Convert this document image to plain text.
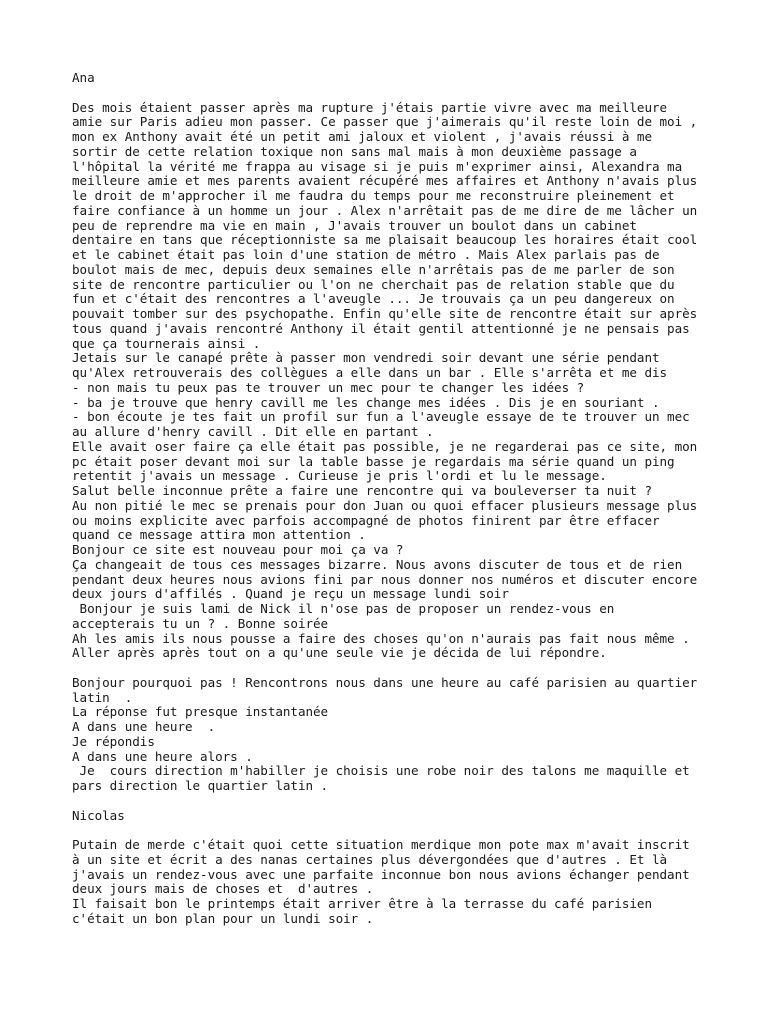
Ana
Des mois étaient passer après ma rupture j'étais partie vivre avec ma meilleure
amie sur Paris adieu mon passer. Ce passer que j'aimerais qu'il reste loin de moi ,
mon ex Anthony avait été un petit ami jaloux et violent , j'avais réussi à me
sortir de cette relation toxique non sans mal mais à mon deuxième passage a
l'hôpital la vérité me frappa au visage si je puis m'exprimer ainsi, Alexandra ma
meilleure amie et mes parents avaient récupéré mes affaires et Anthony n'avais plus
le droit de m'approcher il me faudra du temps pour me reconstruire pleinement et
faire confiance à un homme un jour . Alex n'arrêtait pas de me dire de me lâcher un
peu de reprendre ma vie en main , J'avais trouver un boulot dans un cabinet
dentaire en tans que réceptionniste sa me plaisait beaucoup les horaires était cool
et le cabinet était pas loin d'une station de métro . Mais Alex parlais pas de
boulot mais de mec, depuis deux semaines elle n'arrêtais pas de me parler de son
site de rencontre particulier ou l'on ne cherchait pas de relation stable que du
fun et c'était des rencontres a l'aveugle ... Je trouvais ça un peu dangereux on
pouvait tomber sur des psychopathe. Enfin qu'elle site de rencontre était sur après
tous quand j'avais rencontré Anthony il était gentil attentionné je ne pensais pas
que ça tournerais ainsi .
Jetais sur le canapé prête à passer mon vendredi soir devant une série pendant
qu'Alex retrouverais des collègues a elle dans un bar . Elle s'arrêta et me dis
- non mais tu peux pas te trouver un mec pour te changer les idées ?
- ba je trouve que henry cavill me les change mes idées . Dis je en souriant .
- bon écoute je tes fait un profil sur fun a l'aveugle essaye de te trouver un mec
au allure d'henry cavill . Dit elle en partant .
Elle avait oser faire ça elle était pas possible, je ne regarderai pas ce site, mon
pc était poser devant moi sur la table basse je regardais ma série quand un ping
retentit j'avais un message . Curieuse je pris l'ordi et lu le message.
Salut belle inconnue prête a faire une rencontre qui va bouleverser ta nuit ?
Au non pitié le mec se prenais pour don Juan ou quoi effacer plusieurs message plus
ou moins explicite avec parfois accompagné de photos finirent par être effacer
quand ce message attira mon attention .
Bonjour ce site est nouveau pour moi ça va ?
Ça changeait de tous ces messages bizarre. Nous avons discuter de tous et de rien
pendant deux heures nous avions fini par nous donner nos numéros et discuter encore
deux jours d'affilés . Quand je reçu un message lundi soir
Bonjour je suis lami de Nick il n'ose pas de proposer un rendez-vous en
accepterais tu un ? . Bonne soirée
Ah les amis ils nous pousse a faire des choses qu'on n'aurais pas fait nous même .
Aller après après tout on a qu'une seule vie je décida de lui répondre.
Bonjour pourquoi pas ! Rencontrons nous dans une heure au café parisien au quartier
latin  .
La réponse fut presque instantanée
A dans une heure  .
Je répondis
A dans une heure alors .
Je  cours direction m'habiller je choisis une robe noir des talons me maquille et
pars direction le quartier latin .
Nicolas
Putain de merde c'était quoi cette situation merdique mon pote max m'avait inscrit
à un site et écrit a des nanas certaines plus dévergondées que d'autres . Et là
j'avais un rendez-vous avec une parfaite inconnue bon nous avions échanger pendant
deux jours mais de choses et  d'autres .
Il faisait bon le printemps était arriver être à la terrasse du café parisien
c'était un bon plan pour un lundi soir .
